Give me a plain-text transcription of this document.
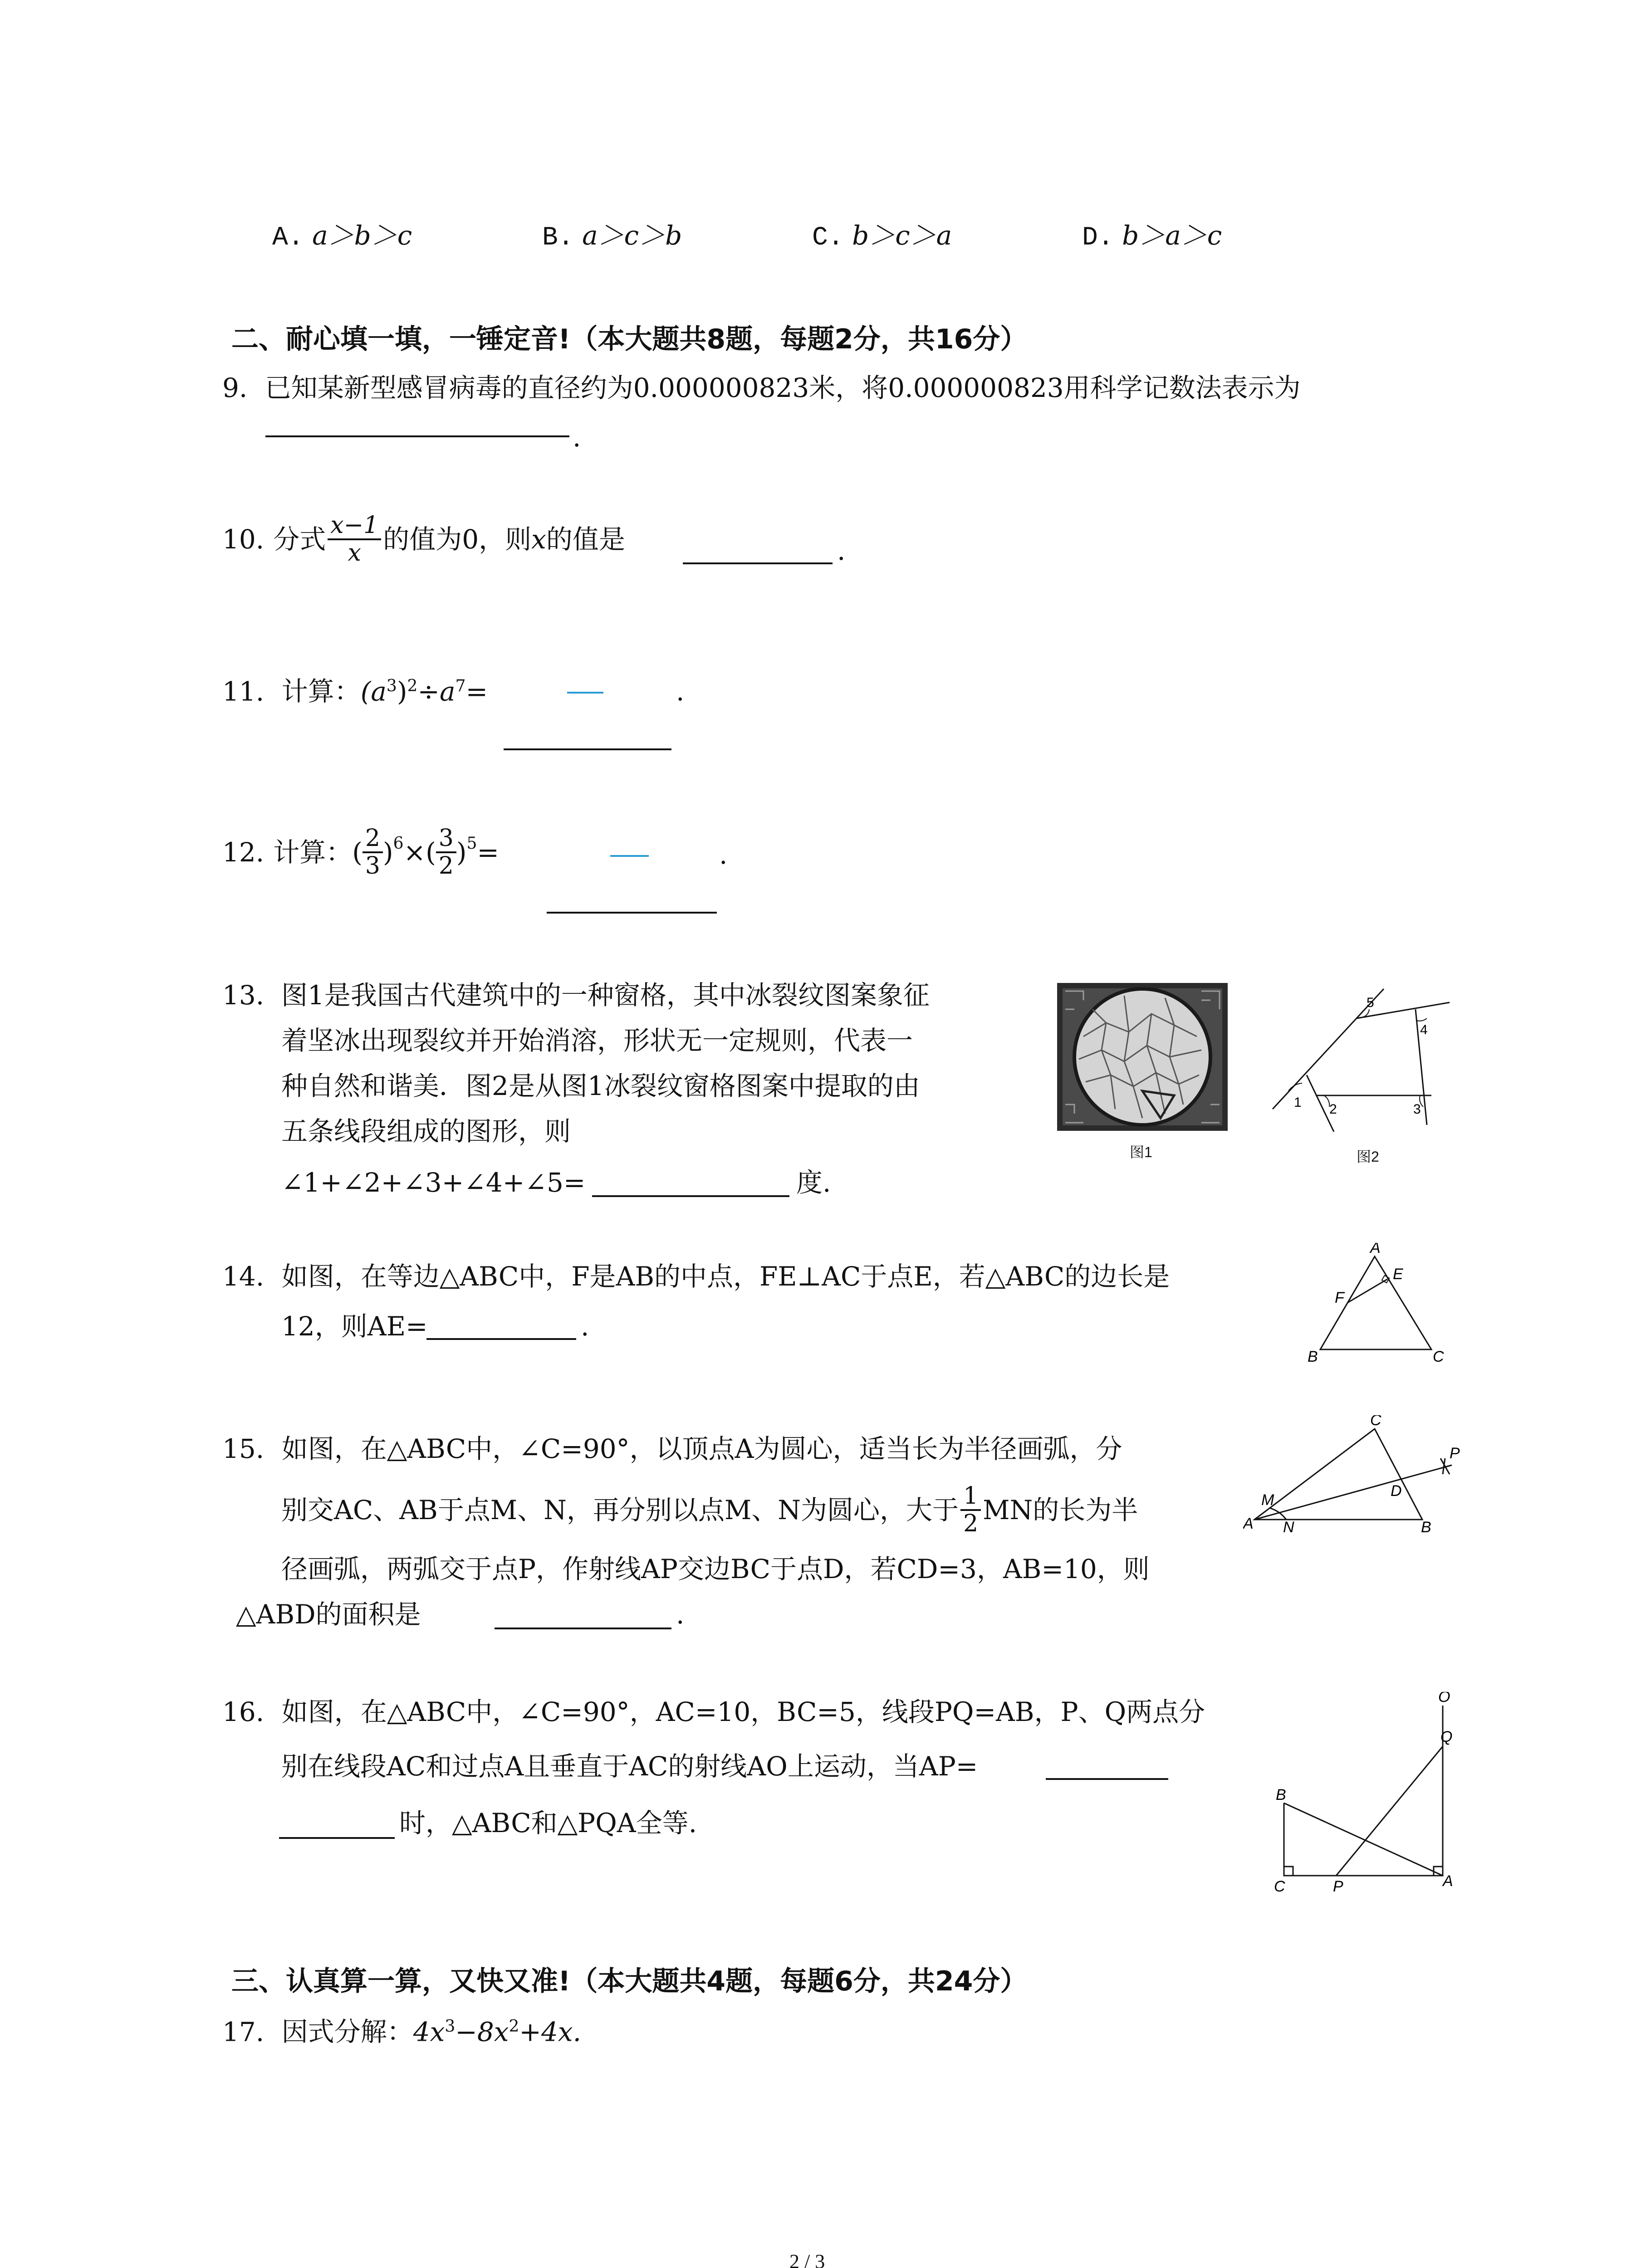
A. a＞b＞c	B. a＞c＞b	C. b＞c＞a	D. b＞a＞c
二、耐心填一填，一锤定音!（本大题共8题，每题2分，共16分）
9. 已知某新型感冒病毒的直径约为0.000000823米，将0.000000823用科学记数法表示为
.
10. 分式 $\frac{x-1}{x}$ 的值为0，则 x 的值是	.
11. 计算：$(a^3)^2\div a^7=$	.
12. 计算： ( $\frac{2}{3} )^6$ ×( $\frac{3}{2} )^5$ =	.
13. 图1是我国古代建筑中的一种窗格，其中冰裂纹图案象征
着坚冰出现裂纹并开始消溶，形状无一定规则，代表一
种自然和谐美．图2是从图1冰裂纹窗格图案中提取的由
五条线段组成的图形，则
∠1+∠2+∠3+∠4+∠5=	度.
图1
1 2	3
4
5
图2
14. 如图，在等边△ABC中，F是AB的中点，FE⊥AC于点E，若△ABC的边长是
12，则AE=	.
A
E
F
B	C
15. 如图，在△ABC中，∠C=90°，以顶点A为圆心，适当长为半径画弧，分
别交AC、AB于点M、N，再分别以点M、N为圆心，大于 $\frac{1}{2}$ MN的长为半
径画弧，两弧交于点P，作射线AP交边BC于点D，若CD=3，AB=10，则
△ABD的面积是	.
C
P
M
D
A N	B
16. 如图，在△ABC中，∠C=90°，AC=10，BC=5，线段PQ=AB，P、Q两点分
别在线段AC和过点A且垂直于AC的射线AO上运动，当AP=
时，△ABC和△PQA全等.
O
Q
B
C	P	A
三、认真算一算，又快又准!（本大题共4题，每题6分，共24分）
17. 因式分解：$4x^3-8x^2+4x$.
2 / 3
